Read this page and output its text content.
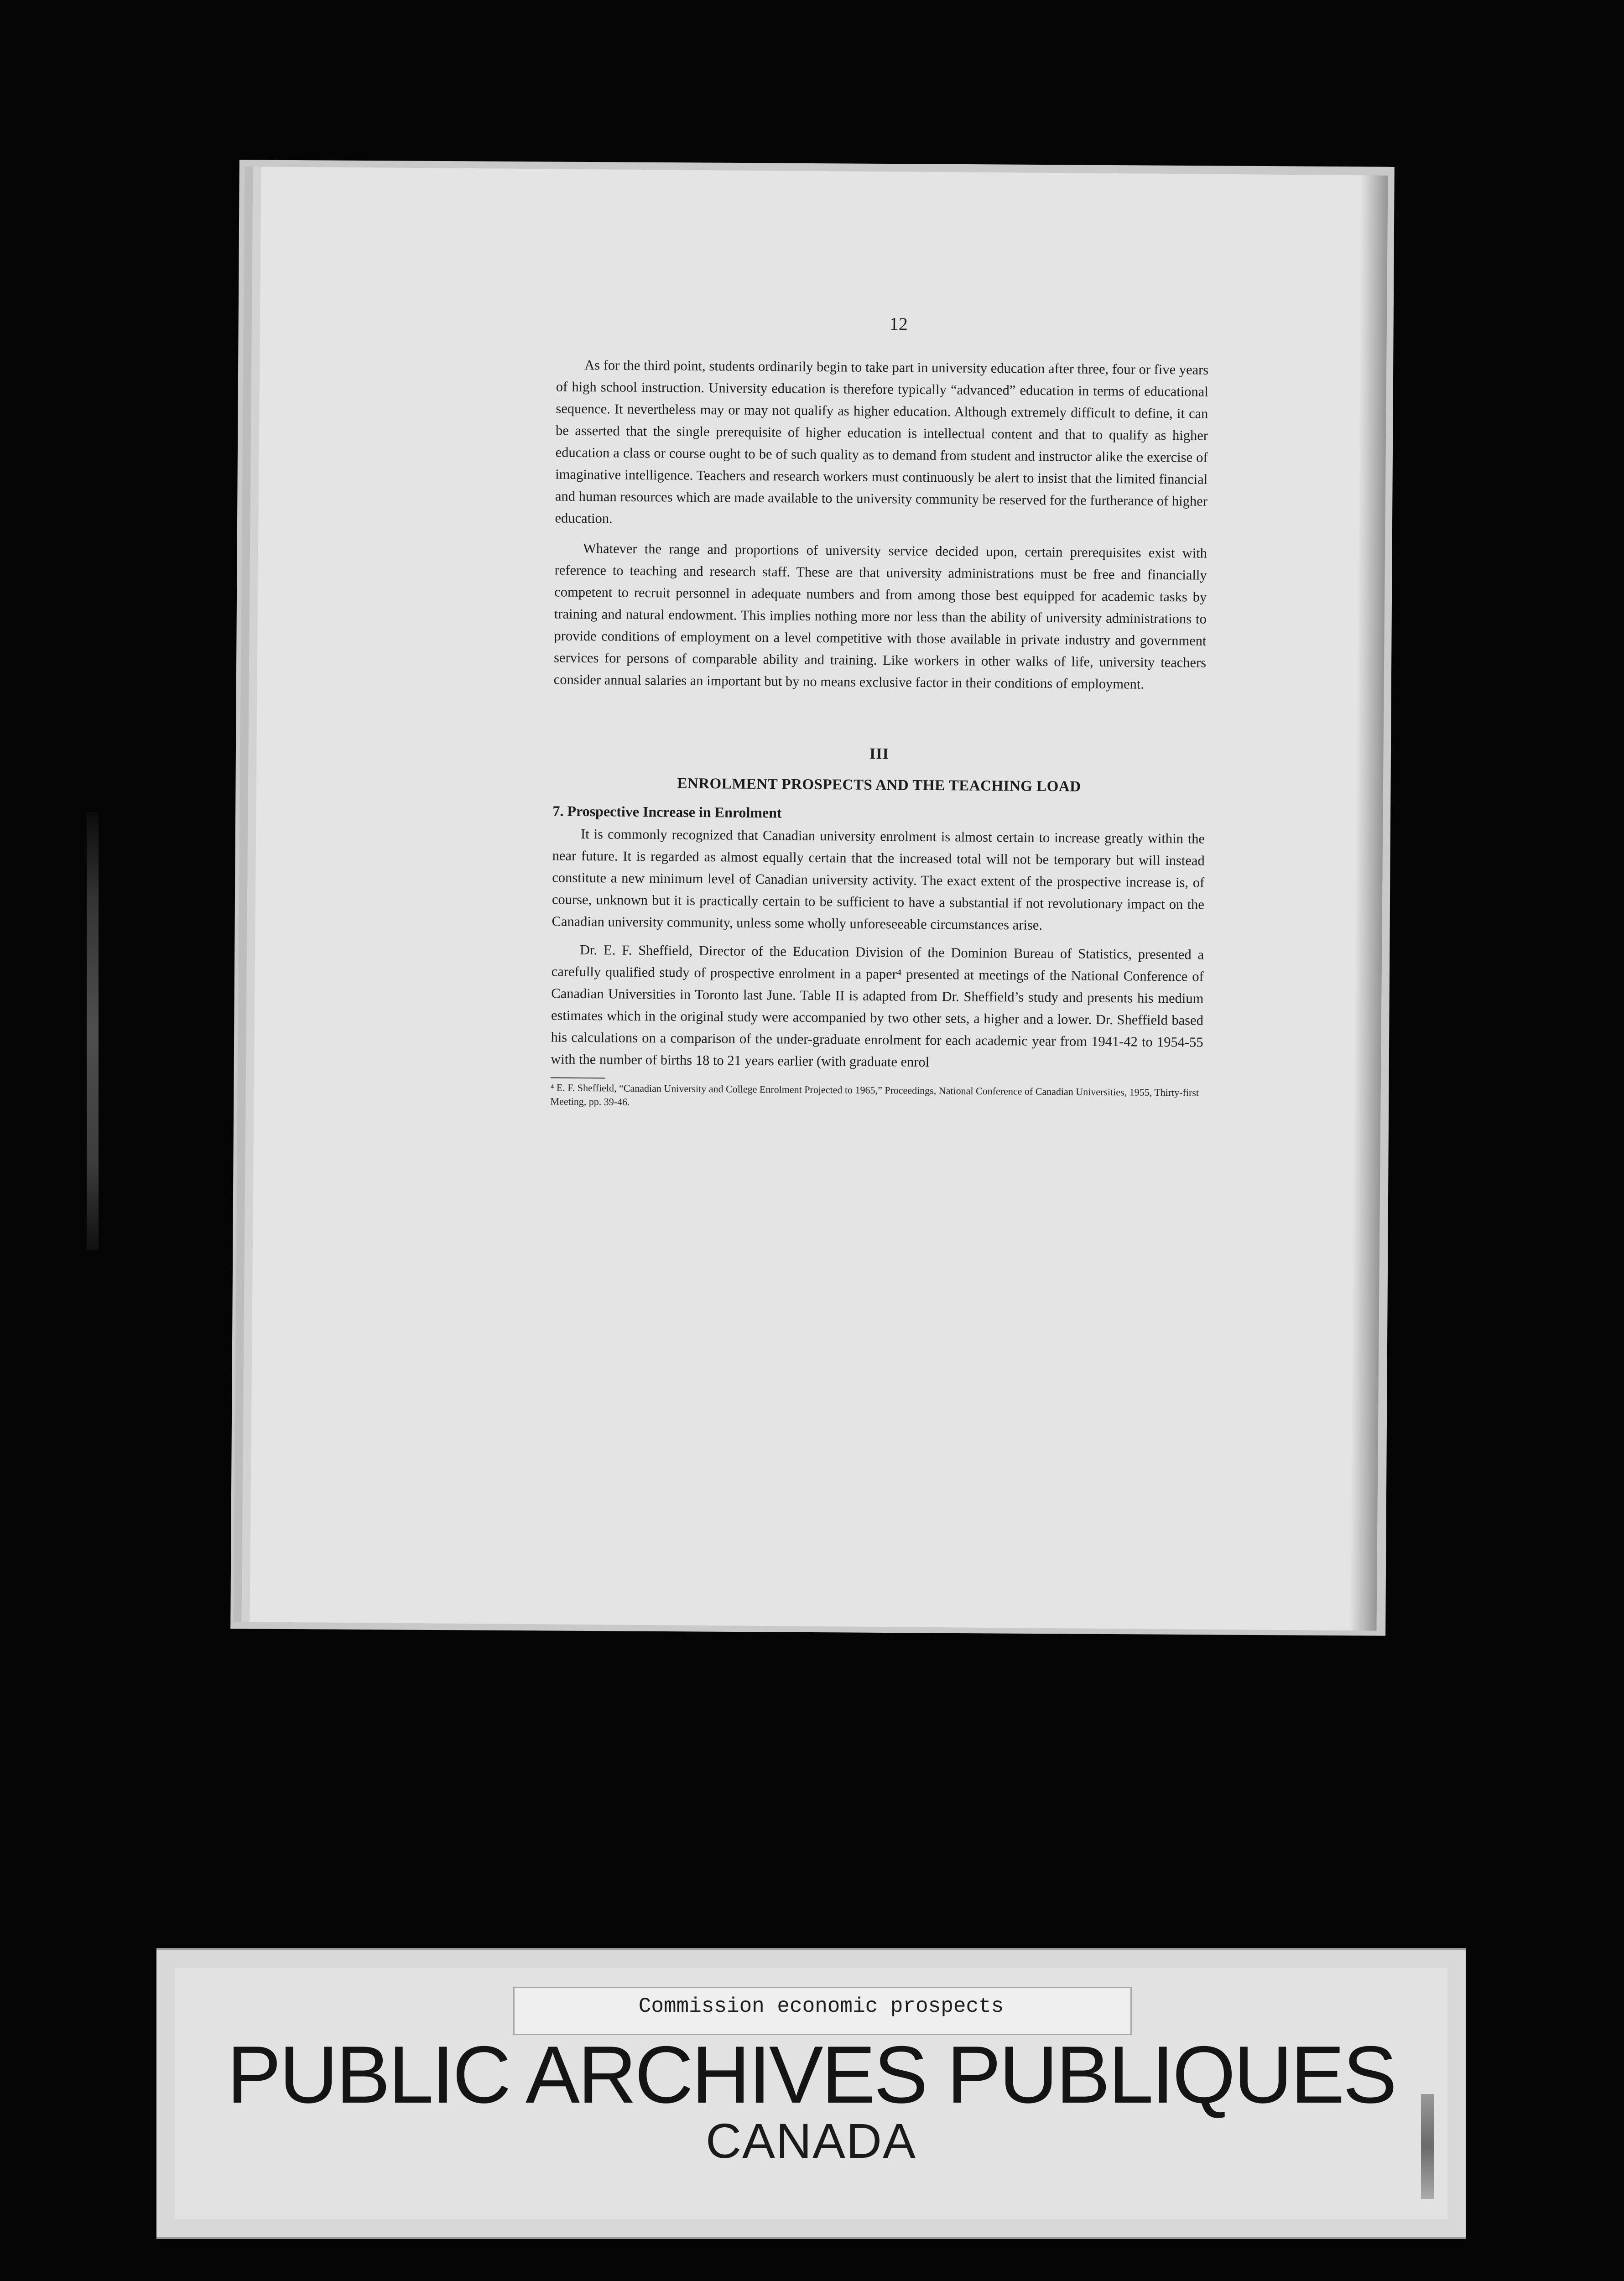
12

As for the third point, students ordinarily begin to take part in university education after three, four or five years of high school instruction. University education is therefore typically “advanced” education in terms of educational sequence. It nevertheless may or may not qualify as higher education. Although extremely difficult to define, it can be asserted that the single prerequisite of higher education is intellectual content and that to qualify as higher education a class or course ought to be of such quality as to demand from student and instructor alike the exercise of imaginative intelligence. Teachers and research workers must continuously be alert to insist that the limited financial and human resources which are made available to the university community be reserved for the furtherance of higher education.

Whatever the range and proportions of university service decided upon, certain prerequisites exist with reference to teaching and research staff. These are that university administrations must be free and financially competent to recruit personnel in adequate numbers and from among those best equipped for academic tasks by training and natural endowment. This implies nothing more nor less than the ability of university administrations to provide conditions of employment on a level competitive with those available in private industry and government services for persons of comparable ability and training. Like workers in other walks of life, university teachers consider annual salaries an important but by no means exclusive factor in their conditions of employment.

III
ENROLMENT PROSPECTS AND THE TEACHING LOAD
7. Prospective Increase in Enrolment

It is commonly recognized that Canadian university enrolment is almost certain to increase greatly within the near future. It is regarded as almost equally certain that the increased total will not be temporary but will instead constitute a new minimum level of Canadian university activity. The exact extent of the prospective increase is, of course, unknown but it is practically certain to be sufficient to have a substantial if not revolutionary impact on the Canadian university community, unless some wholly unforeseeable circumstances arise.

Dr. E. F. Sheffield, Director of the Education Division of the Dominion Bureau of Statistics, presented a carefully qualified study of prospective enrolment in a paper⁴ presented at meetings of the National Conference of Canadian Universities in Toronto last June. Table II is adapted from Dr. Sheffield’s study and presents his medium estimates which in the original study were accompanied by two other sets, a higher and a lower. Dr. Sheffield based his calculations on a comparison of the under-graduate enrolment for each academic year from 1941-42 to 1954-55 with the number of births 18 to 21 years earlier (with graduate enrol

⁴ E. F. Sheffield, “Canadian University and College Enrolment Projected to 1965,” Proceedings, National Conference of Canadian Universities, 1955, Thirty-first Meeting, pp. 39-46.
Commission economic prospects
PUBLIC ARCHIVES PUBLIQUES
CANADA
